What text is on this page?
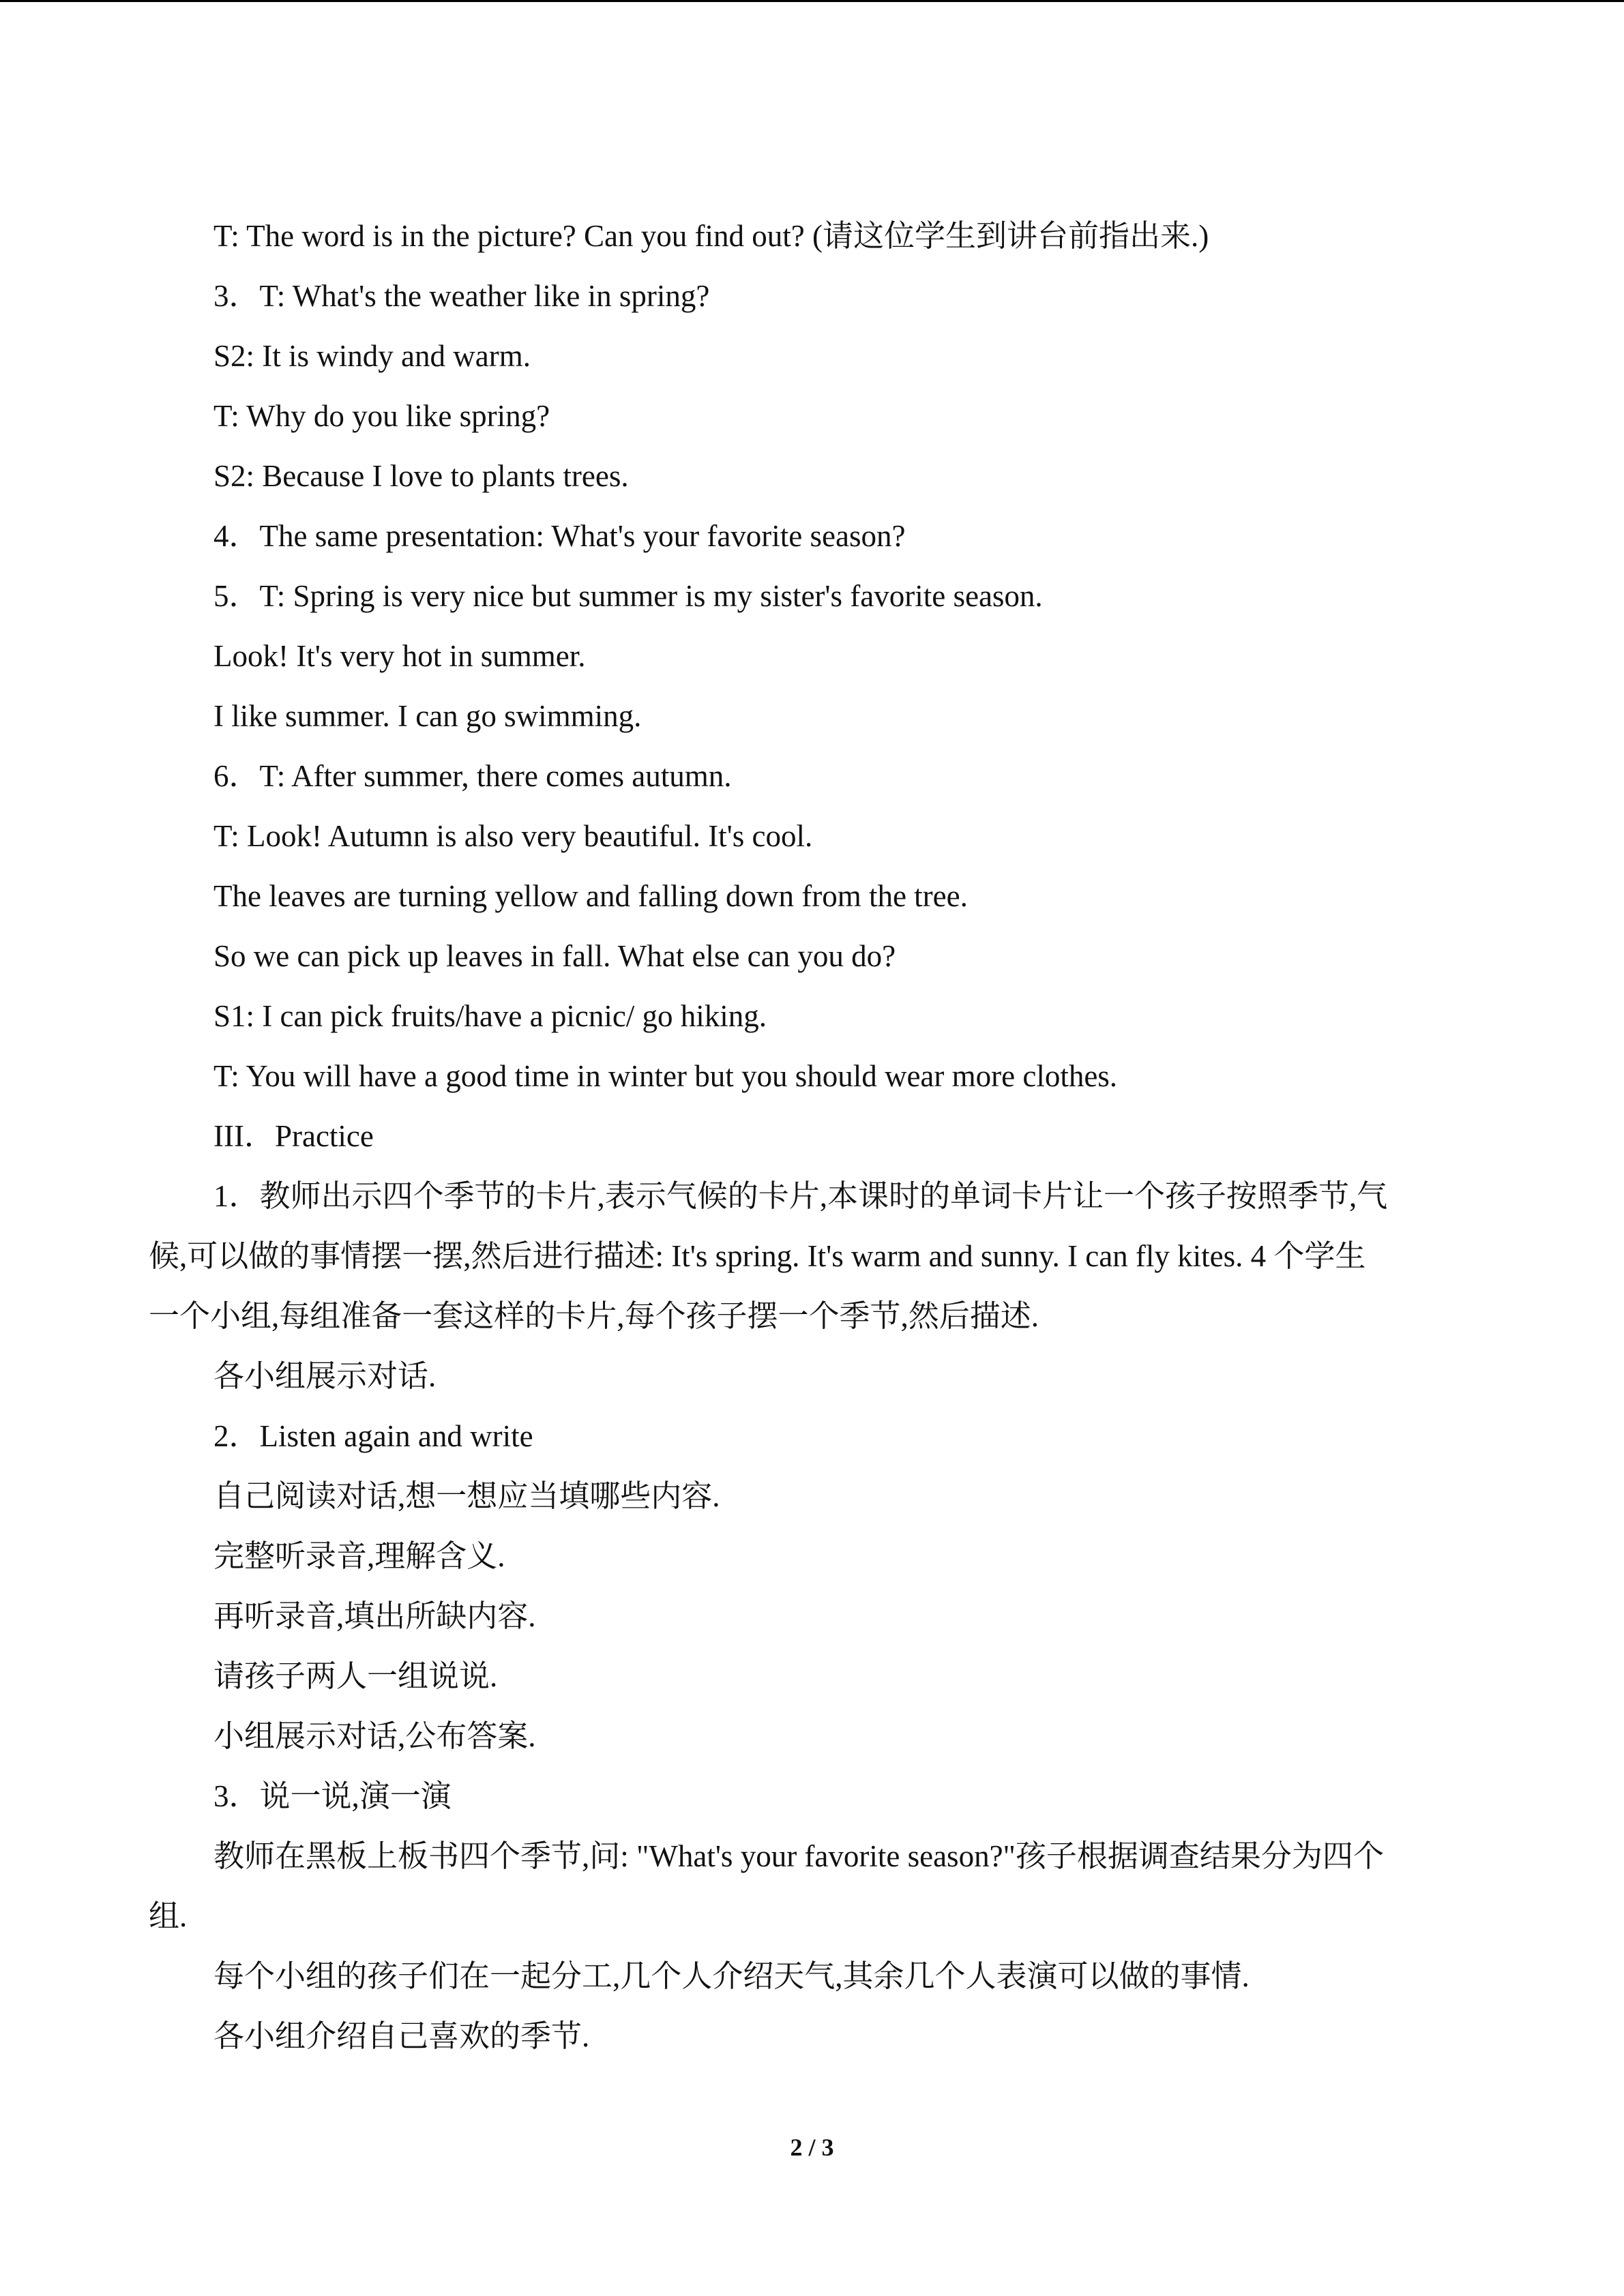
T: The word is in the picture? Can you find out? (请这位学生到讲台前指出来.)
3．T: What's the weather like in spring?
S2: It is windy and warm.
T: Why do you like spring?
S2: Because I love to plants trees.
4．The same presentation: What's your favorite season?
5．T: Spring is very nice but summer is my sister's favorite season.
Look! It's very hot in summer.
I like summer. I can go swimming.
6．T: After summer, there comes autumn.
T: Look! Autumn is also very beautiful. It's cool.
The leaves are turning yellow and falling down from the tree.
So we can pick up leaves in fall. What else can you do?
S1: I can pick fruits/have a picnic/ go hiking.
T: You will have a good time in winter but you should wear more clothes.
III．Practice
1．教师出示四个季节的卡片,表示气候的卡片,本课时的单词卡片让一个孩子按照季节,气
候,可以做的事情摆一摆,然后进行描述: It's spring. It's warm and sunny. I can fly kites. 4 个学生
一个小组,每组准备一套这样的卡片,每个孩子摆一个季节,然后描述.
各小组展示对话.
2．Listen again and write
自己阅读对话,想一想应当填哪些内容.
完整听录音,理解含义.
再听录音,填出所缺内容.
请孩子两人一组说说.
小组展示对话,公布答案.
3．说一说,演一演
教师在黑板上板书四个季节,问: "What's your favorite season?"孩子根据调查结果分为四个
组.
每个小组的孩子们在一起分工,几个人介绍天气,其余几个人表演可以做的事情.
各小组介绍自己喜欢的季节.
2 / 3
